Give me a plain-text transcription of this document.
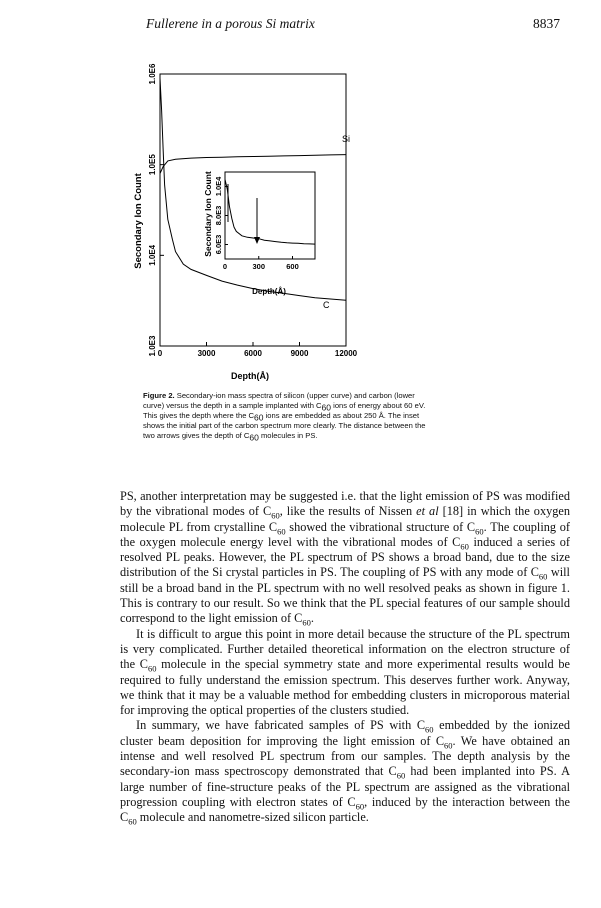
Fullerene in a porous Si matrix	8837
0	3000	6000	9000	12000
1.0E3
1.0E4
1.0E5
1.0E6
Secondary Ion Count
Depth(Å)
Si
C
0	300	600
6.0E3
8.0E3
1.0E4
Secondary Ion Count
Depth(Å)
Figure 2. Secondary-ion mass spectra of silicon (upper curve) and carbon (lower curve) versus the depth in a sample implanted with $C_{60}$ ions of energy about 60 eV. This gives the depth where the $C_{60}$ ions are embedded as about 250 Å. The inset shows the initial part of the carbon spectrum more clearly. The distance between the two arrows gives the depth of $C_{60}$ molecules in PS.

PS, another interpretation may be suggested i.e. that the light emission of PS was modified by the vibrational modes of $C_{60}$, like the results of Nissen et al [18] in which the oxygen molecule PL from crystalline $C_{60}$ showed the vibrational structure of $C_{60}$. The coupling of the oxygen molecule energy level with the vibrational modes of $C_{60}$ induced a series of resolved PL peaks. However, the PL spectrum of PS shows a broad band, due to the size distribution of the Si crystal particles in PS. The coupling of PS with any mode of $C_{60}$ will still be a broad band in the PL spectrum with no well resolved peaks as shown in figure 1. This is contrary to our result. So we think that the PL special features of our sample should correspond to the light emission of $C_{60}$.

It is difficult to argue this point in more detail because the structure of the PL spectrum is very complicated. Further detailed theoretical information on the electron structure of the $C_{60}$ molecule in the special symmetry state and more experimental results would be required to fully understand the emission spectrum. This deserves further work. Anyway, we think that it may be a valuable method for embedding clusters in microporous material for improving the optical properties of the clusters studied.

In summary, we have fabricated samples of PS with $C_{60}$ embedded by the ionized cluster beam deposition for improving the light emission of $C_{60}$. We have obtained an intense and well resolved PL spectrum from our samples. The depth analysis by the secondary-ion mass spectroscopy demonstrated that $C_{60}$ had been implanted into PS. A large number of fine-structure peaks of the PL spectrum are assigned as the vibrational progression coupling with electron states of $C_{60}$, induced by the interaction between the $C_{60}$ molecule and nanometre-sized silicon particle.
